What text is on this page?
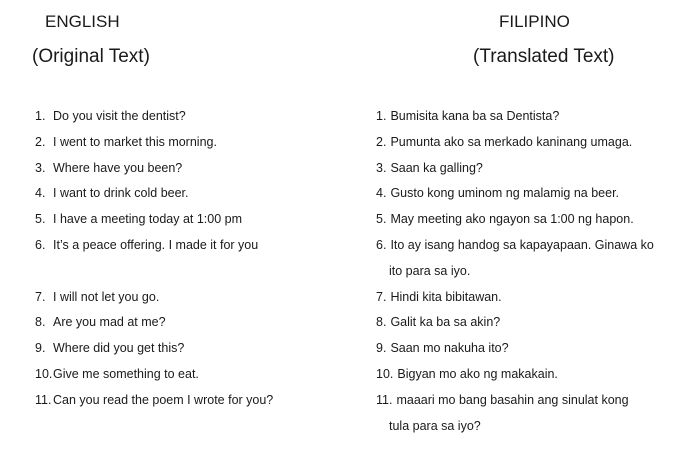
ENGLISH
(Original Text)
FILIPINO
(Translated Text)
1. Do you visit the dentist?
2. I went to market this morning.
3. Where have you been?
4. I want to drink cold beer.
5. I have a meeting today at 1:00 pm
6. It’s a peace offering. I made it for you
7. I will not let you go.
8. Are you mad at me?
9. Where did you get this?
10.Give me something to eat.
11. Can you read the poem I wrote for you?
1. Bumisita kana ba sa Dentista?
2. Pumunta ako sa merkado kaninang umaga.
3. Saan ka galling?
4. Gusto kong uminom ng malamig na beer.
5. May meeting ako ngayon sa 1:00 ng hapon.
6. Ito ay isang handog sa kapayapaan. Ginawa ko
ito para sa iyo.
7. Hindi kita bibitawan.
8. Galit ka ba sa akin?
9. Saan mo nakuha ito?
10. Bigyan mo ako ng makakain.
11. maaari mo bang basahin ang sinulat kong
tula para sa iyo?
